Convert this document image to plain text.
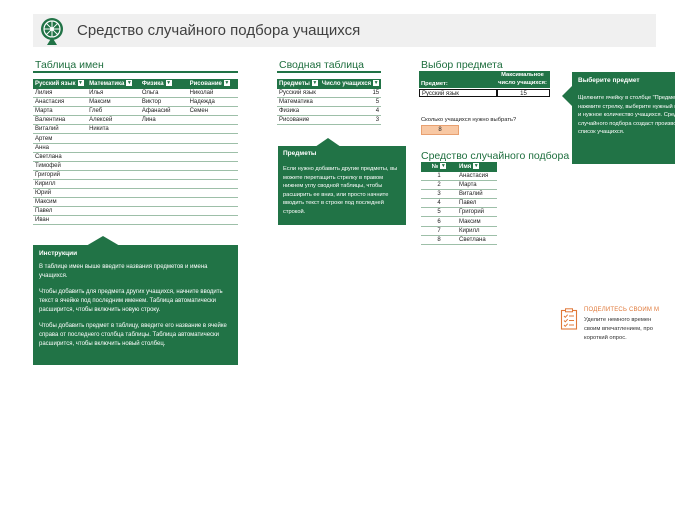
Средство случайного подбора учащихся
Таблица имен
Русский язык ▼	Математика ▼	Физика ▼	Рисование ▼
Лилия	Илья	Ольга	Николай
Анастасия	Максим	Виктор	Надежда
Марта	Глеб	Афанасий	Семен
Валентина	Алексей	Лина	
Виталий	Никита		
Артем			
Анна			
Светлана			
Тимофей			
Григорий			
Кирилл			
Юрий			
Максим			
Павел			
Иван			
Инструкции

В таблице имен выше введите названия предметов и имена учащихся.

Чтобы добавить для предмета других учащихся, начните вводить текст в ячейке под последним именем. Таблица автоматически расширится, чтобы включить новую строку.

Чтобы добавить предмет в таблицу, введите его название в ячейке справа от последнего столбца таблицы. Таблица автоматически расширится, чтобы включить новый столбец.

Сводная таблица
Предметы ▼	Число учащихся ▼
Русский язык	15
Математика	5
Физика	4
Рисование	3
Предметы

Если нужно добавить другие предметы, вы можете перетащить стрелку в правом нижнем углу сводной таблицы, чтобы расширить ее вниз, или просто начните вводить текст в строке под последней строкой.

Выбор предмета
Предмет:
Максимальное число учащихся:
Русский язык	15
Сколько учащихся нужно выбрать?
8
Выберите предмет

Щелкните ячейку в столбце "Предмет", нажмите стрелку, выберите нужный предмет и нужное количество учащихся. Средство случайного подбора создаст произвольный список учащихся.

Средство случайного подбора
№ ▼	Имя ▼
1	Анастасия
2	Марта
3	Виталий
4	Павел
5	Григорий
6	Максим
7	Кирилл
8	Светлана
ПОДЕЛИТЕСЬ СВОИМ М
Уделите немного времен
своим впечатлением, про
короткий опрос.
